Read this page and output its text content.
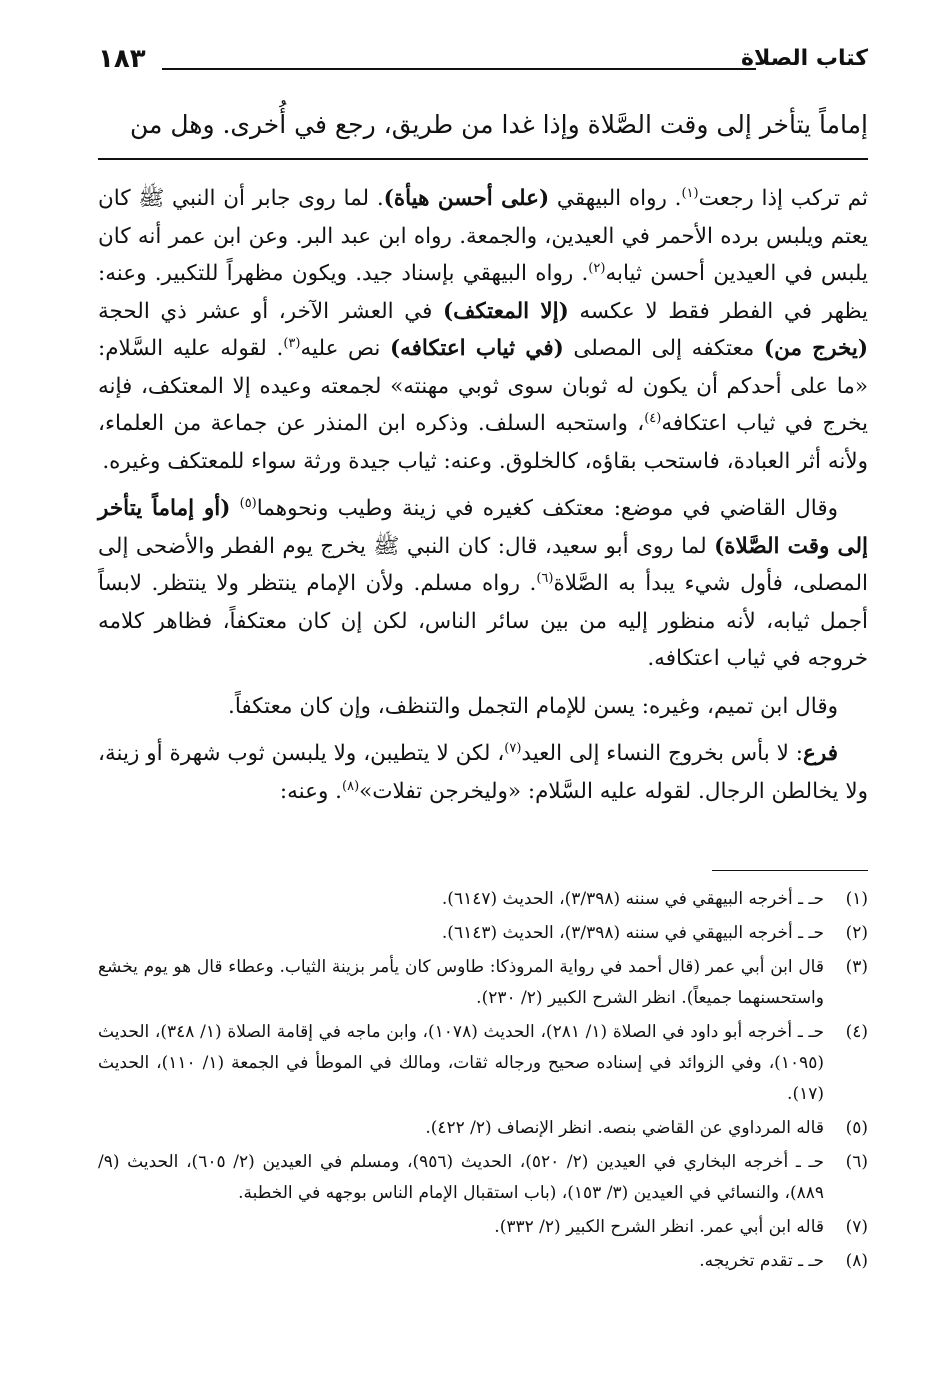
كتاب الصلاة
١٨٣
إماماً يتأخر إلى وقت الصَّلاة وإذا غدا من طريق، رجع في أُخرى. وهل من

ثم تركب إذا رجعت$^{(١)}$. رواه البيهقي (على أحسن هيأة). لما روى جابر أن النبي ﷺ كان يعتم ويلبس برده الأحمر في العيدين، والجمعة. رواه ابن عبد البر. وعن ابن عمر أنه كان يلبس في العيدين أحسن ثيابه$^{(٢)}$. رواه البيهقي بإسناد جيد. ويكون مظهراً للتكبير. وعنه: يظهر في الفطر فقط لا عكسه (إلا المعتكف) في العشر الآخر، أو عشر ذي الحجة (يخرج من) معتكفه إلى المصلى (في ثياب اعتكافه) نص عليه$^{(٣)}$. لقوله عليه السَّلام: «ما على أحدكم أن يكون له ثوبان سوى ثوبي مهنته» لجمعته وعيده إلا المعتكف، فإنه يخرج في ثياب اعتكافه$^{(٤)}$، واستحبه السلف. وذكره ابن المنذر عن جماعة من العلماء، ولأنه أثر العبادة، فاستحب بقاؤه، كالخلوق. وعنه: ثياب جيدة ورثة سواء للمعتكف وغيره.

وقال القاضي في موضع: معتكف كغيره في زينة وطيب ونحوهما$^{(٥)}$ (أو إماماً يتأخر إلى وقت الصَّلاة) لما روى أبو سعيد، قال: كان النبي ﷺ يخرج يوم الفطر والأضحى إلى المصلى، فأول شيء يبدأ به الصَّلاة$^{(٦)}$. رواه مسلم. ولأن الإمام ينتظر ولا ينتظر. لابساً أجمل ثيابه، لأنه منظور إليه من بين سائر الناس، لكن إن كان معتكفاً، فظاهر كلامه خروجه في ثياب اعتكافه.

وقال ابن تميم، وغيره: يسن للإمام التجمل والتنظف، وإن كان معتكفاً.

فرع: لا بأس بخروج النساء إلى العيد$^{(٧)}$، لكن لا يتطيبن، ولا يلبسن ثوب شهرة أو زينة، ولا يخالطن الرجال. لقوله عليه السَّلام: «وليخرجن تفلات»$^{(٨)}$. وعنه:

(١)
حـ ـ أخرجه البيهقي في سننه (٣/٣٩٨)، الحديث (٦١٤٧).
(٢)
حـ ـ أخرجه البيهقي في سننه (٣/٣٩٨)، الحديث (٦١٤٣).
(٣)
قال ابن أبي عمر (قال أحمد في رواية المروذكا: طاوس كان يأمر بزينة الثياب. وعطاء قال هو يوم يخشع واستحسنهما جميعاً). انظر الشرح الكبير (٢/ ٢٣٠).
(٤)
حـ ـ أخرجه أبو داود في الصلاة (١/ ٢٨١)، الحديث (١٠٧٨)، وابن ماجه في إقامة الصلاة (١/ ٣٤٨)، الحديث (١٠٩٥)، وفي الزوائد في إسناده صحيح ورجاله ثقات، ومالك في الموطأ في الجمعة (١/ ١١٠)، الحديث (١٧).
(٥)
قاله المرداوي عن القاضي بنصه. انظر الإنصاف (٢/ ٤٢٢).
(٦)
حـ ـ أخرجه البخاري في العيدين (٢/ ٥٢٠)، الحديث (٩٥٦)، ومسلم في العيدين (٢/ ٦٠٥)، الحديث (٩/ ٨٨٩)، والنسائي في العيدين (٣/ ١٥٣)، (باب استقبال الإمام الناس بوجهه في الخطبة.
(٧)
قاله ابن أبي عمر. انظر الشرح الكبير (٢/ ٣٣٢).
(٨)
حـ ـ تقدم تخريجه.
